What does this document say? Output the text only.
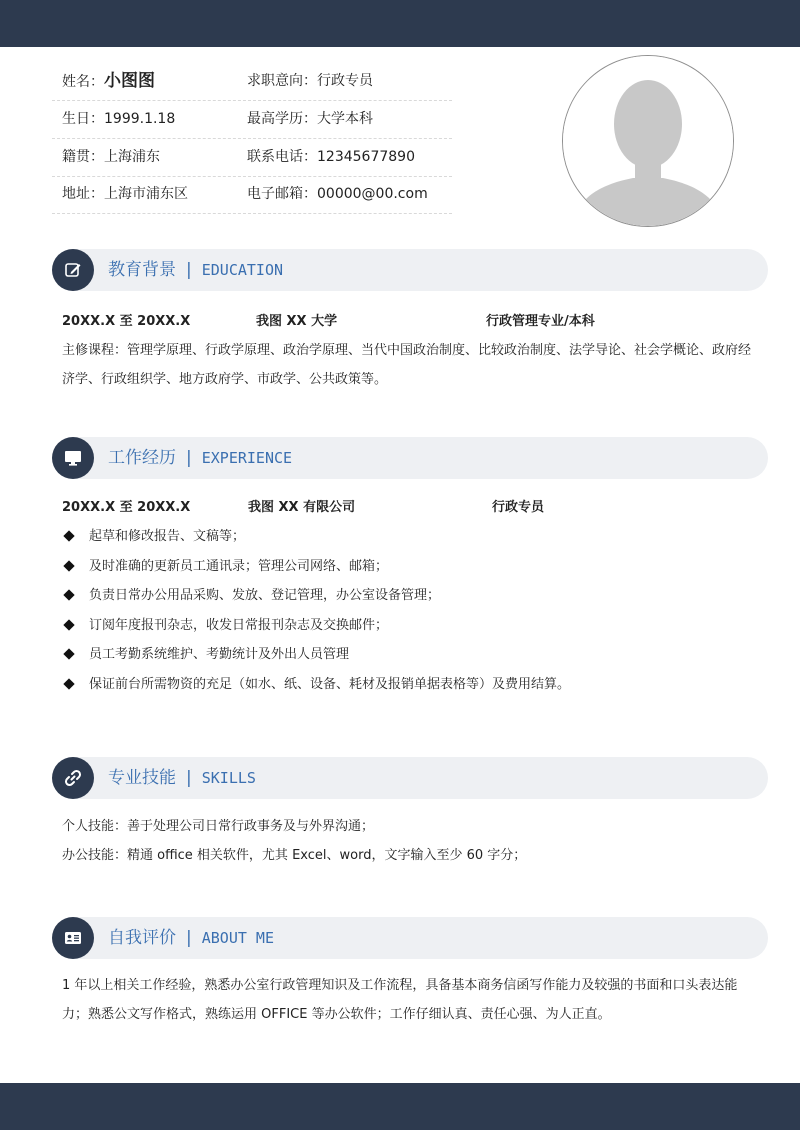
姓名：小图图	求职意向：行政专员
生日：1999.1.18	最高学历：大学本科
籍贯：上海浦东	联系电话：12345677890
地址：上海市浦东区	电子邮箱：00000@00.com
教育背景 | EDUCATION
20XX.X 至 20XX.X	我图 XX 大学	行政管理专业/本科
主修课程：管理学原理、行政学原理、政治学原理、当代中国政治制度、比较政治制度、法学导论、社会学概论、政府经济学、行政组织学、地方政府学、市政学、公共政策等。
工作经历 | EXPERIENCE
20XX.X 至 20XX.X	我图 XX 有限公司	行政专员
起草和修改报告、文稿等；
及时准确的更新员工通讯录；管理公司网络、邮箱；
负责日常办公用品采购、发放、登记管理，办公室设备管理；
订阅年度报刊杂志，收发日常报刊杂志及交换邮件；
员工考勤系统维护、考勤统计及外出人员管理
保证前台所需物资的充足（如水、纸、设备、耗材及报销单据表格等）及费用结算。
专业技能 | SKILLS
个人技能：善于处理公司日常行政事务及与外界沟通；
办公技能：精通 office 相关软件，尤其 Excel、word，文字输入至少 60 字分；
自我评价 | ABOUT ME
1 年以上相关工作经验，熟悉办公室行政管理知识及工作流程，具备基本商务信函写作能力及较强的书面和口头表达能力；熟悉公文写作格式，熟练运用 OFFICE 等办公软件；工作仔细认真、责任心强、为人正直。
